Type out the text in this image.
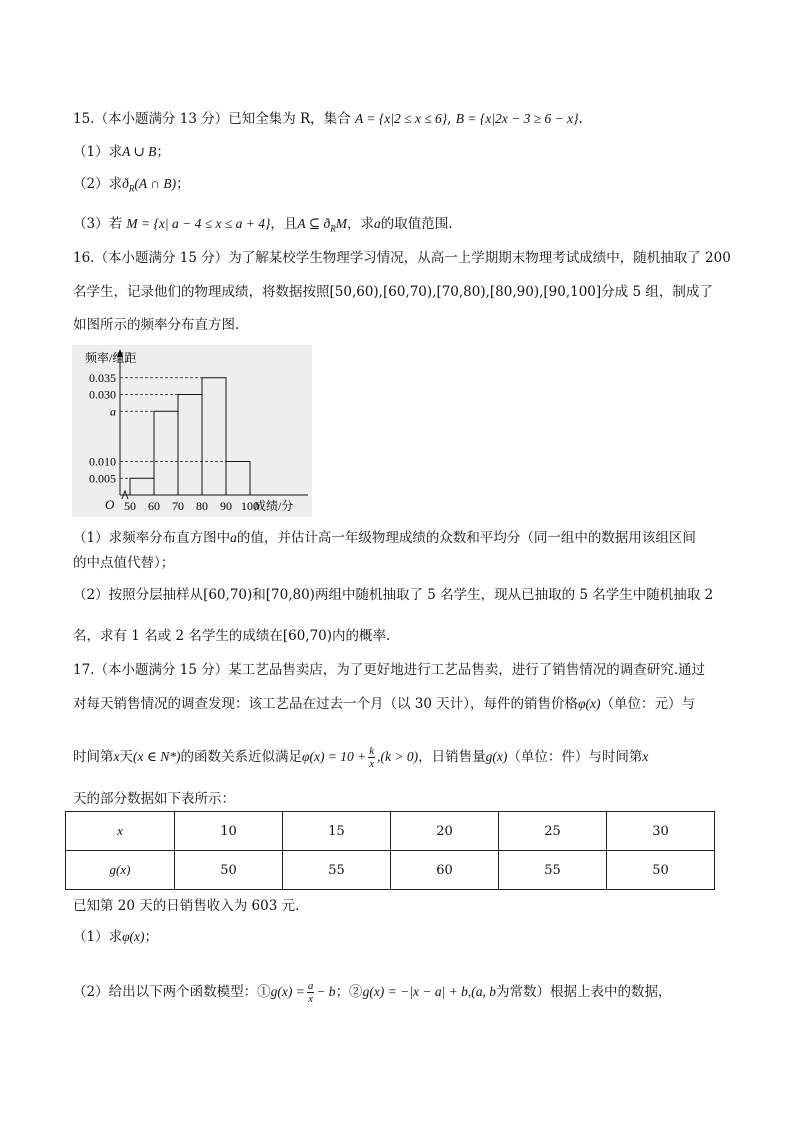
15.（本小题满分 13 分）已知全集为 R，集合 A = {x|2 ≤ x ≤ 6}, B = {x|2x − 3 ≥ 6 − x}.
（1）求A ∪ B；
（2）求$ð_R(A$ ∩ B)；
（3）若 M = {x| a − 4 ≤ x ≤ a + 4}，且A ⊆ $ð_RM$，求a的取值范围.
16.（本小题满分 15 分）为了解某校学生物理学习情况，从高一上学期期末物理考试成绩中，随机抽取了 200
名学生，记录他们的物理成绩，将数据按照[50,60),[60,70),[70,80),[80,90),[90,100]分成 5 组，制成了
如图所示的频率分布直方图.
频率/组距
成绩/分
O
0.035
0.030
a
0.010
0.005
50 60 70 80 90 100
（1）求频率分布直方图中a的值，并估计高一年级物理成绩的众数和平均分（同一组中的数据用该组区间
的中点值代替）；
（2）按照分层抽样从[60,70)和[70,80)两组中随机抽取了 5 名学生，现从已抽取的 5 名学生中随机抽取 2
名，求有 1 名或 2 名学生的成绩在[60,70)内的概率.
17.（本小题满分 15 分）某工艺品售卖店，为了更好地进行工艺品售卖，进行了销售情况的调查研究.通过
对每天销售情况的调查发现：该工艺品在过去一个月（以 30 天计），每件的销售价格φ(x)（单位：元）与
时间第x天(x ∈ N*)的函数关系近似满足$\varphi(x) = 10 + \frac{k}{x} ,(k > 0)$，日销售量g(x)（单位：件）与时间第x
天的部分数据如下表所示：
x	10	15	20	25	30
g(x)	50	55	60	55	50
已知第 20 天的日销售收入为 603 元.
（1）求φ(x)；
（2）给出以下两个函数模型：①g(x) = $\frac{a}{x} - b$；②g(x) = −|x − a| + b,(a, b为常数）根据上表中的数据，
